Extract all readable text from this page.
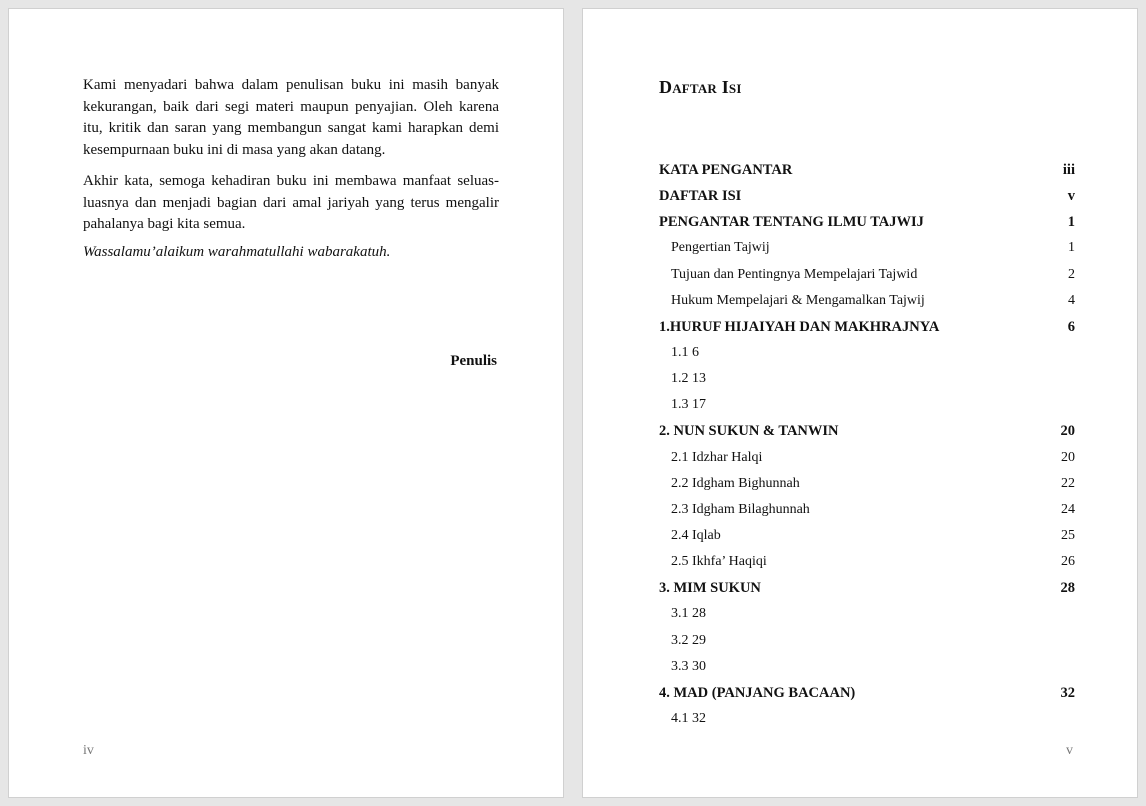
Kami menyadari bahwa dalam penulisan buku ini masih banyak kekurangan, baik dari segi materi maupun penyajian. Oleh karena itu, kritik dan saran yang membangun sangat kami harapkan demi kesempurnaan buku ini di masa yang akan datang.

Akhir kata, semoga kehadiran buku ini membawa manfaat seluas-luasnya dan menjadi bagian dari amal jariyah yang terus mengalir pahalanya bagi kita semua.

Wassalamu’alaikum warahmatullahi wabarakatuh.

Penulis

iv
Daftar Isi
KATA PENGANTAR	iii
DAFTAR ISI	v
PENGANTAR TENTANG ILMU TAJWIJ	1
Pengertian Tajwij	1
Tujuan dan Pentingnya Mempelajari Tajwid	2
Hukum Mempelajari & Mengamalkan Tajwij	4
1.HURUF HIJAIYAH DAN MAKHRAJNYA	6
1.1 6
1.2 13
1.3 17
2. NUN SUKUN & TANWIN	20
2.1 Idzhar Halqi	20
2.2 Idgham Bighunnah	22
2.3 Idgham Bilaghunnah	24
2.4 Iqlab	25
2.5 Ikhfa’ Haqiqi	26
3. MIM SUKUN	28
3.1 28
3.2 29
3.3 30
4. MAD (PANJANG BACAAN)	32
4.1 32
v
